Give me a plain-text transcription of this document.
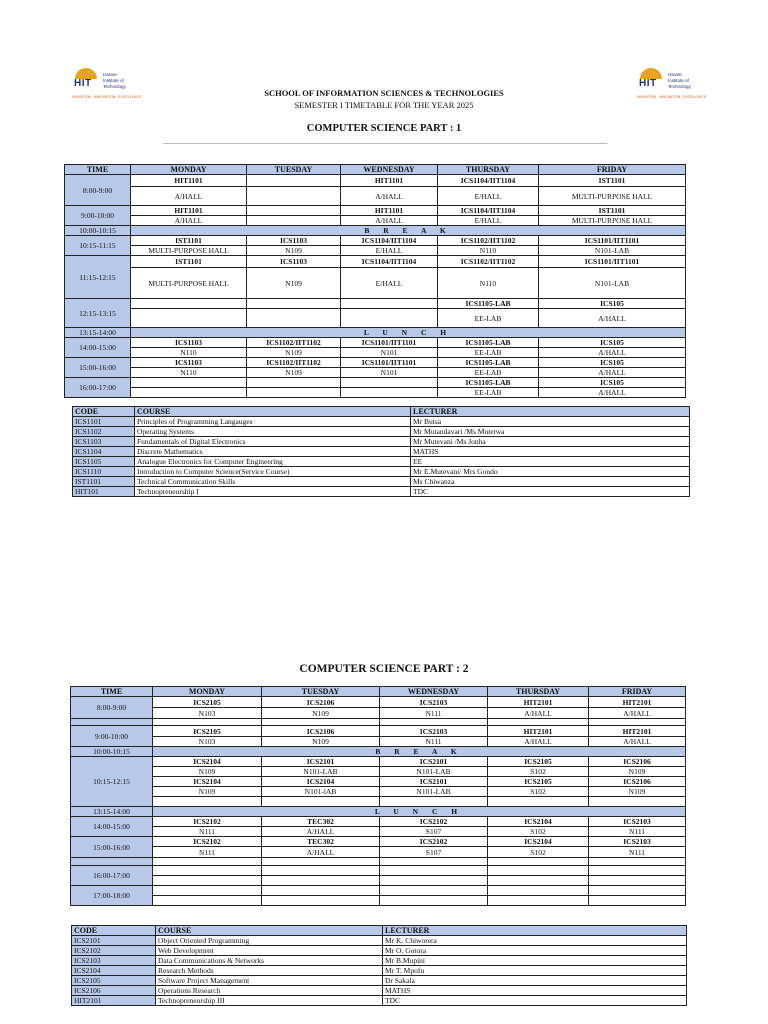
HIT
Harare
Institute of
Technology
INVENTION . INNOVATION . EXCELLENCE
HIT
Harare
Institute of
Technology
INVENTION . INNOVATION . EXCELLENCE
SCHOOL OF INFORMATION SCIENCES & TECHNOLOGIES
SEMESTER I TIMETABLE FOR THE YEAR 2025
COMPUTER SCIENCE PART : 1
TIME	MONDAY	TUESDAY	WEDNESDAY	THURSDAY	FRIDAY
8:00-9:00	HIT1101		HIT1101	ICS1104/IIT1104	IST1101
	A/HALL		A/HALL	E/HALL	MULTI-PURPOSE HALL
9:00-10:00	HIT1101		HIT1101	ICS1104/IIT1104	IST1101
	A/HALL		A/HALL	E/HALL	MULTI-PURPOSE HALL
10:00-10:15	B R E A K				
10:15-11:15	IST1101	ICS1103	ICS1104/IIT1104	ICS1102/IIT1102	ICS1101/IIT1101
	MULTI-PURPOSE HALL	N109	E/HALL	N110	N101-LAB
11:15-12:15	IST1101	ICS1103	ICS1104/IIT1104	ICS1102/IIT1102	ICS1101/IIT1101
	MULTI-PURPOSE HALL	N109	E/HALL	N110	N101-LAB
12:15-13:15				ICS1105-LAB	ICS105
				EE-LAB	A/HALL
13:15-14:00	L U N C H				
14:00-15:00	ICS1103	ICS1102/IIT1102	ICS1101/IIT1101	ICS1105-LAB	ICS105
	N110	N109	N101	EE-LAB	A/HALL
15:00-16:00	ICS1103	ICS1102/IIT1102	ICS1101/IIT1101	ICS1105-LAB	ICS105
	N110	N109	N101	EE-LAB	A/HALL
16:00-17:00				ICS1105-LAB	ICS105
				EE-LAB	A/HALL
CODE	COURSE	LECTURER
ICS1101	Principles of Programming Langauges	Mr Butsa
ICS1102	Operating Systems	Mr Mutandavari /Ms Mutetwa
ICS1103	Fundamentals of Digital Electronics	Mr Mutevani /Ms Jonha
ICS1104	Discrete Mathematics	MATHS
ICS1105	Analogue Electronics for Computer Engineering	EE
ICS1110	Introduction to Computer Science(Service Course)	Mr E.Mutevani/ Mrs Gondo
IST1101	Technical Communication Skills	Ms Chiwanza
HIT101	Technopreneurship I	TDC
COMPUTER SCIENCE PART : 2
TIME	MONDAY	TUESDAY	WEDNESDAY	THURSDAY	FRIDAY
8:00-9:00	ICS2105	ICS2106	ICS2103	HIT2101	HIT2101
	N103	N109	N111	A/HALL	A/HALL

9:00-10:00	ICS2105	ICS2106	ICS2103	HIT2101	HIT2101
	N103	N109	N111	A/HALL	A/HALL
10:00-10:15	B R E A K				
10:15-12:15	ICS2104	ICS2101	ICS2101	ICS2105	ICS2106
	N109	N101-LAB	N101-LAB	S102	N109
	ICS2104	ICS2104	ICS2101	ICS2105	ICS2106
	N109	N101-lAB	N101-LAB	S102	N109

13:15-14:00	L U N C H				
14:00-15:00	ICS2102	TEC302	ICS2102	ICS2104	ICS2103
	N111	A/HALL	S107	S102	N111
15:00-16:00	ICS2102	TEC302	ICS2102	ICS2104	ICS2103
	N111	A/HALL	S107	S102	N111

16:00-17:00					

17:00-18:00					

CODE	COURSE	LECTURER
ICS2101	Object Oriented Programming	Mr K. Chiworera
ICS2102	Web Development	Mr O. Gotora
ICS2103	Data Communications & Networks	Mr B.Mupini
ICS2104	Research Methods	Mr T. Mpofu
ICS2105	Software Project Management	Dr Sakala
ICS2106	Operations Research	MATHS
HIT2101	Technopreneurship III	TDC
